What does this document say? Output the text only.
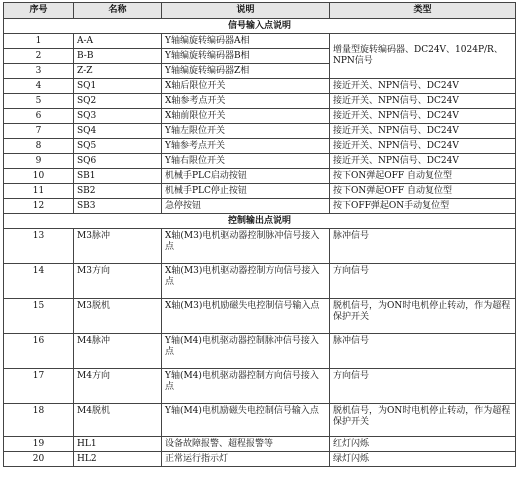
序号	名称	说明	类型
信号输入点说明			
1	A-A	Y轴编旋转编码器A相	增量型旋转编码器、DC24V、1024P/R、NPN信号
2	B-B	Y轴编旋转编码器B相	
3	Z-Z	Y轴编旋转编码器Z相	
4	SQ1	X轴后限位开关	接近开关、NPN信号、DC24V
5	SQ2	X轴参考点开关	接近开关、NPN信号、DC24V
6	SQ3	X轴前限位开关	接近开关、NPN信号、DC24V
7	SQ4	Y轴左限位开关	接近开关、NPN信号、DC24V
8	SQ5	Y轴参考点开关	接近开关、NPN信号、DC24V
9	SQ6	Y轴右限位开关	接近开关、NPN信号、DC24V
10	SB1	机械手PLC启动按钮	按下ON弹起OFF 自动复位型
11	SB2	机械手PLC停止按钮	按下ON弹起OFF 自动复位型
12	SB3	急停按钮	按下OFF弹起ON手动复位型
控制输出点说明			
13	M3脉冲	X轴(M3)电机驱动器控制脉冲信号接入点	脉冲信号
14	M3方向	X轴(M3)电机驱动器控制方向信号接入点	方向信号
15	M3脱机	X轴(M3)电机励磁失电控制信号输入点	脱机信号，为ON时电机停止转动，作为超程保护开关
16	M4脉冲	Y轴(M4)电机驱动器控制脉冲信号接入点	脉冲信号
17	M4方向	Y轴(M4)电机驱动器控制方向信号接入点	方向信号
18	M4脱机	Y轴(M4)电机励磁失电控制信号输入点	脱机信号，为ON时电机停止转动，作为超程保护开关
19	HL1	设备故障报警、超程报警等	红灯闪烁
20	HL2	正常运行指示灯	绿灯闪烁
